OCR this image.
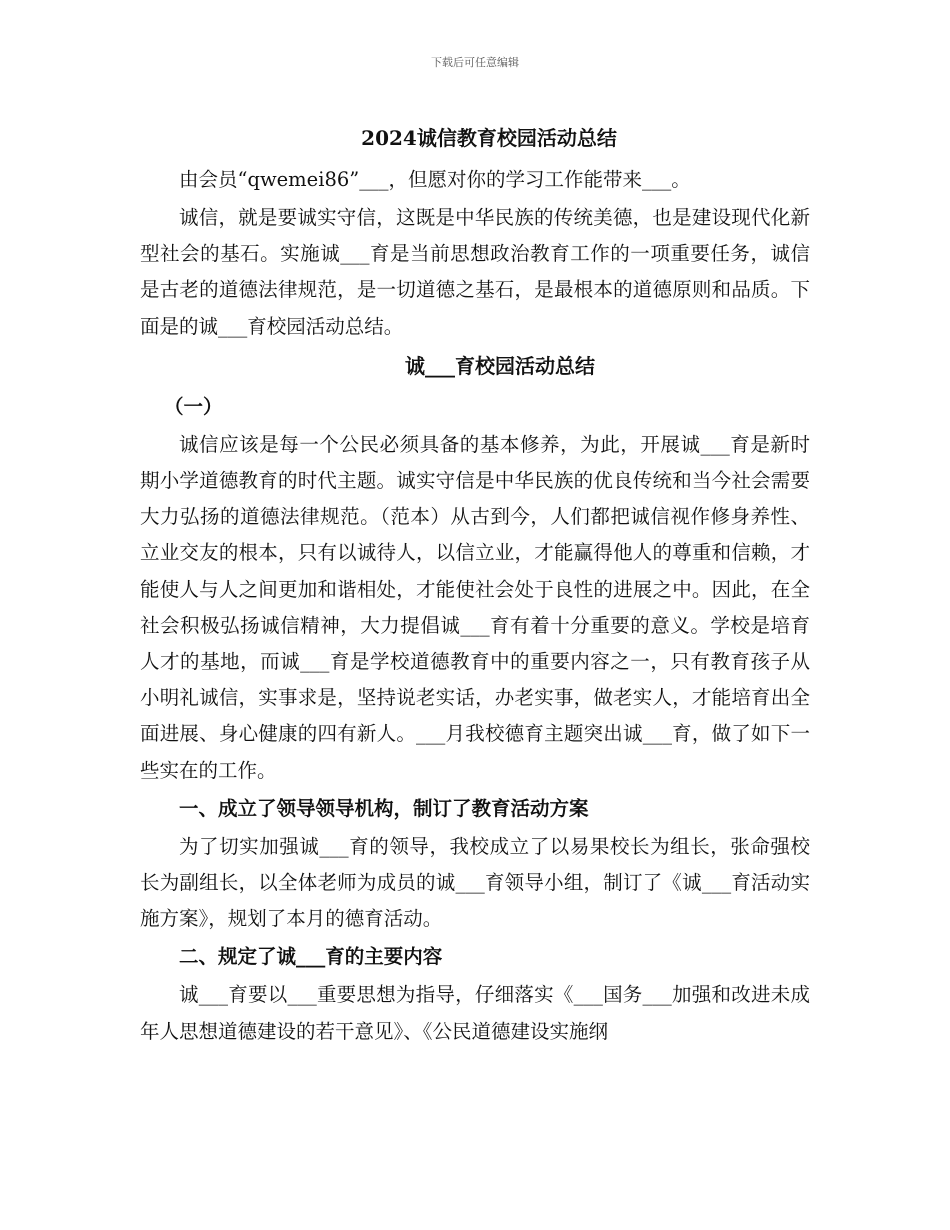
下载后可任意编辑

2024诚信教育校园活动总结

由会员“qwemei86”___，但愿对你的学习工作能带来___。

诚信，就是要诚实守信，这既是中华民族的传统美德，也是建设现代化新型社会的基石。实施诚___育是当前思想政治教育工作的一项重要任务，诚信是古老的道德法律规范，是一切道德之基石，是最根本的道德原则和品质。下面是的诚___育校园活动总结。

诚___育校园活动总结

（一）

诚信应该是每一个公民必须具备的基本修养，为此，开展诚___育是新时期小学道德教育的时代主题。诚实守信是中华民族的优良传统和当今社会需要大力弘扬的道德法律规范。（范本）从古到今，人们都把诚信视作修身养性、立业交友的根本，只有以诚待人，以信立业，才能赢得他人的尊重和信赖，才能使人与人之间更加和谐相处，才能使社会处于良性的进展之中。因此，在全社会积极弘扬诚信精神，大力提倡诚___育有着十分重要的意义。学校是培育人才的基地，而诚___育是学校道德教育中的重要内容之一，只有教育孩子从小明礼诚信，实事求是，坚持说老实话，办老实事，做老实人，才能培育出全面进展、身心健康的四有新人。___月我校德育主题突出诚___育，做了如下一些实在的工作。

一、成立了领导领导机构，制订了教育活动方案

为了切实加强诚___育的领导，我校成立了以易果校长为组长，张命强校长为副组长，以全体老师为成员的诚___育领导小组，制订了《诚___育活动实施方案》，规划了本月的德育活动。

二、规定了诚___育的主要内容

诚___育要以___重要思想为指导，仔细落实《___国务___加强和改进未成年人思想道德建设的若干意见》、《公民道德建设实施纲
